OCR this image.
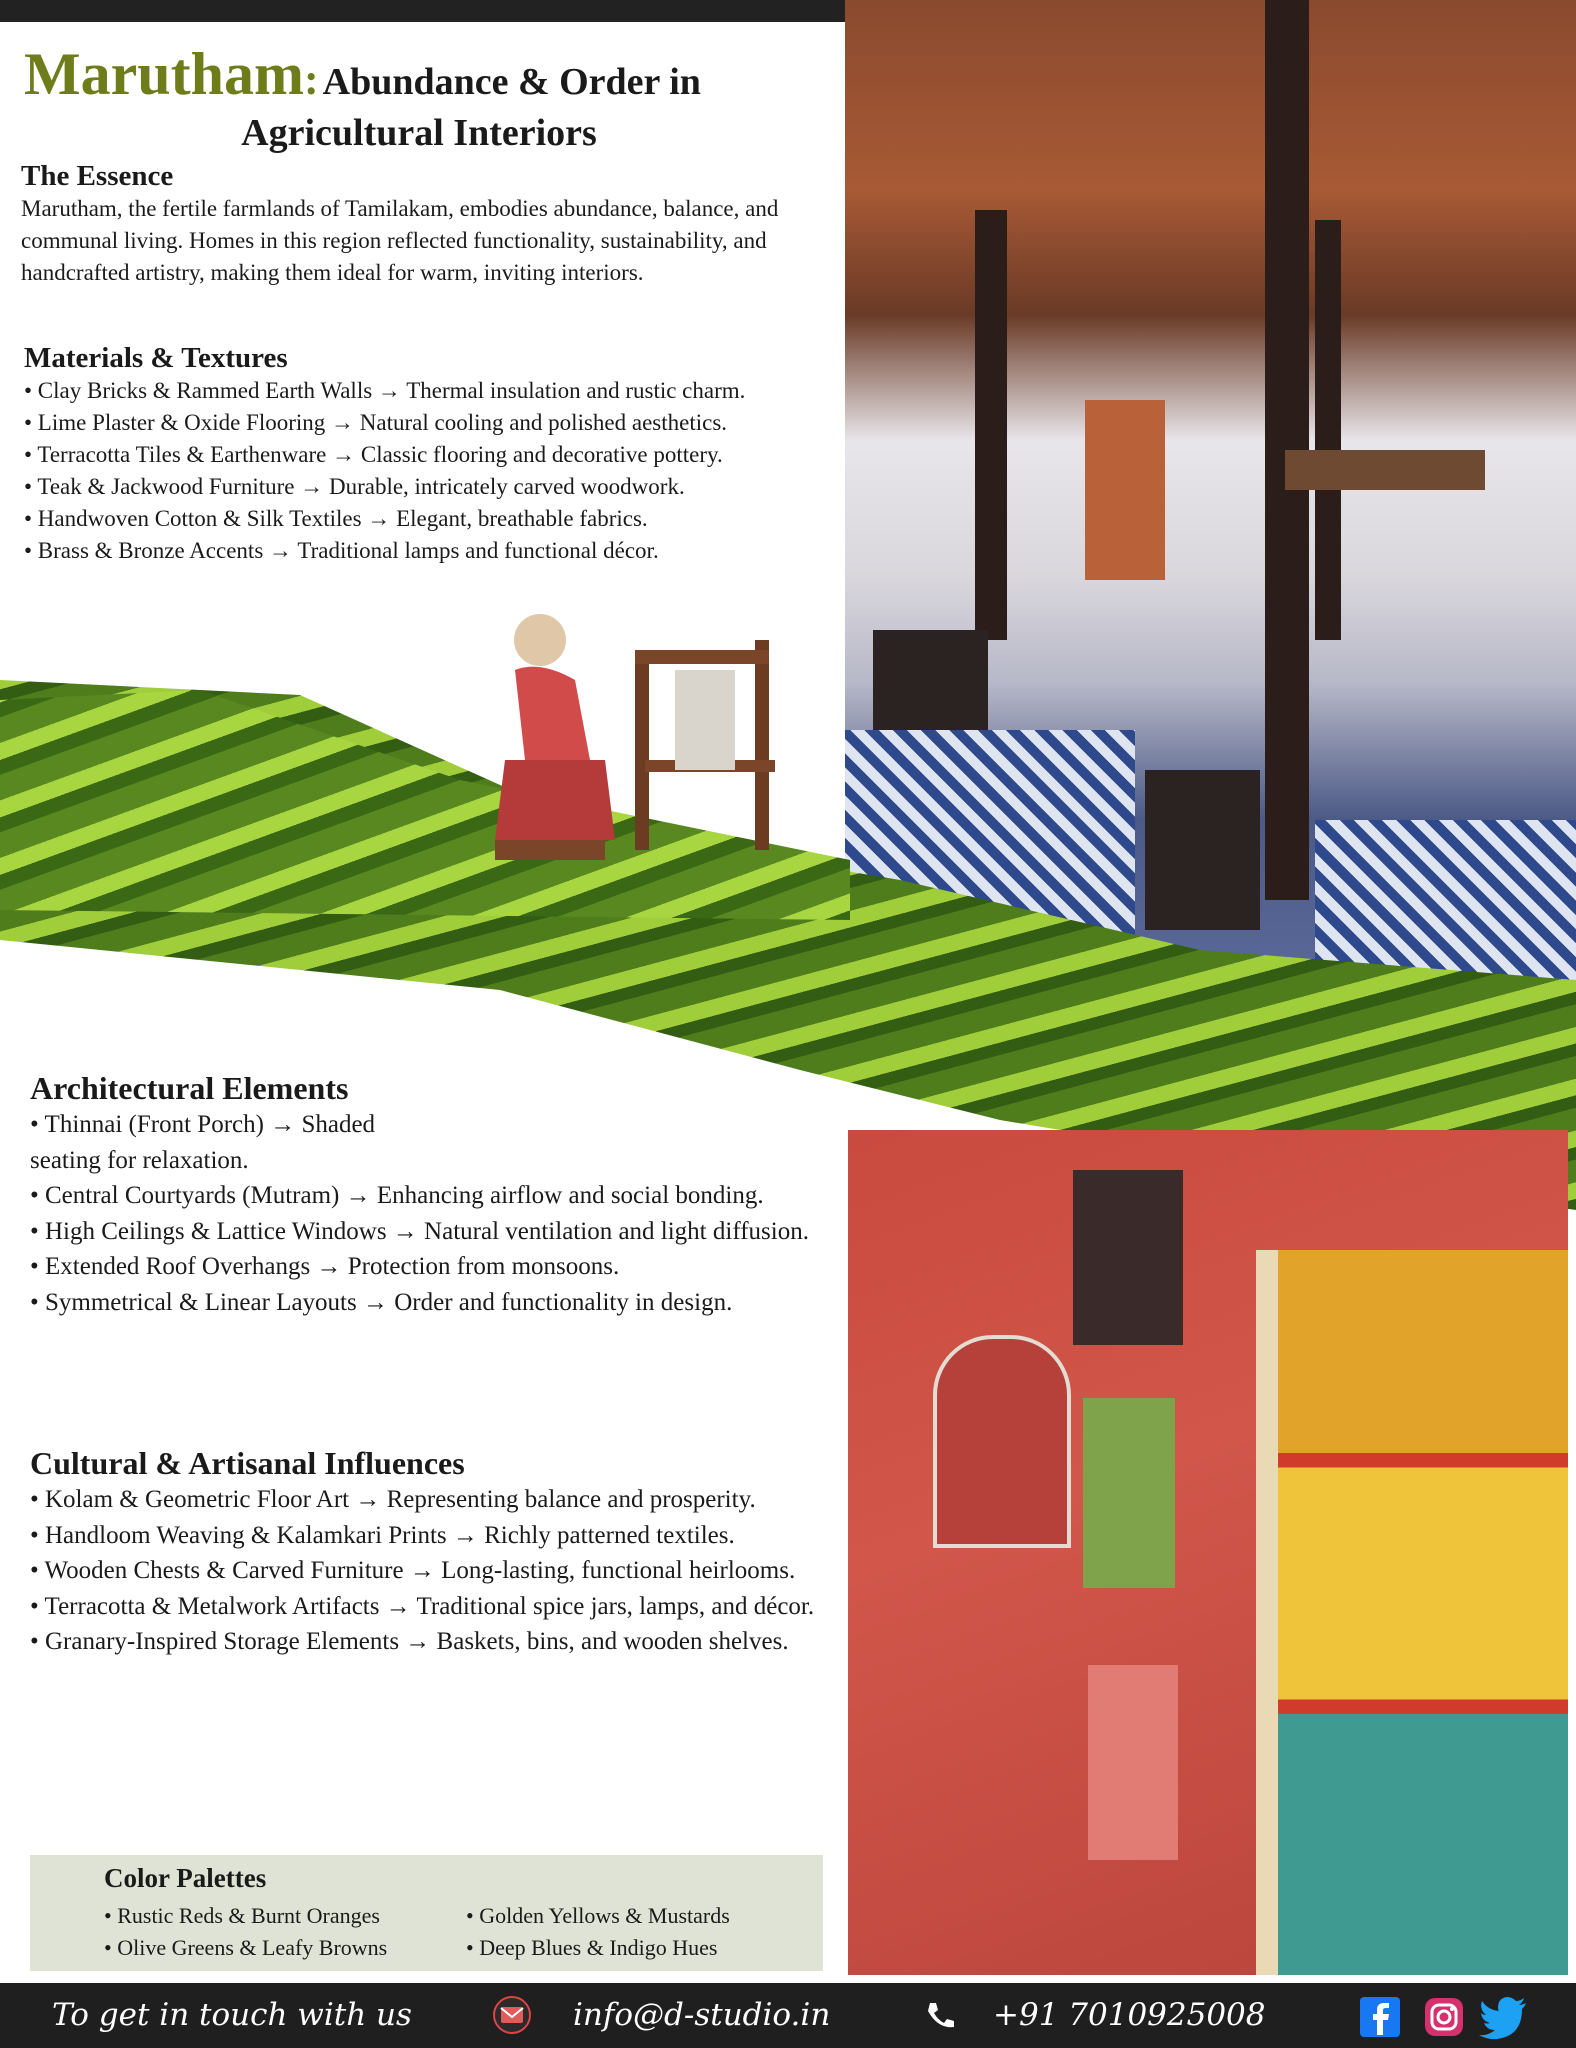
Marutham: Abundance & Order in
Agricultural Interiors

The Essence

Marutham, the fertile farmlands of Tamilakam, embodies abundance, balance, and communal living. Homes in this region reflected functionality, sustainability, and handcrafted artistry, making them ideal for warm, inviting interiors.

Materials & Textures

• Clay Bricks & Rammed Earth Walls → Thermal insulation and rustic charm.

• Lime Plaster & Oxide Flooring → Natural cooling and polished aesthetics.

• Terracotta Tiles & Earthenware → Classic flooring and decorative pottery.

• Teak & Jackwood Furniture → Durable, intricately carved woodwork.

• Handwoven Cotton & Silk Textiles → Elegant, breathable fabrics.

• Brass & Bronze Accents → Traditional lamps and functional décor.

Architectural Elements

• Thinnai (Front Porch) → Shaded seating for relaxation.

• Central Courtyards (Mutram) → Enhancing airflow and social bonding.

• High Ceilings & Lattice Windows → Natural ventilation and light diffusion.

• Extended Roof Overhangs → Protection from monsoons.

• Symmetrical & Linear Layouts → Order and functionality in design.

Cultural & Artisanal Influences

• Kolam & Geometric Floor Art → Representing balance and prosperity.

• Handloom Weaving & Kalamkari Prints → Richly patterned textiles.

• Wooden Chests & Carved Furniture → Long-lasting, functional heirlooms.

• Terracotta & Metalwork Artifacts → Traditional spice jars, lamps, and décor.

• Granary-Inspired Storage Elements → Baskets, bins, and wooden shelves.

Color Palettes
• Rustic Reds & Burnt Oranges	• Golden Yellows & Mustards
• Olive Greens & Leafy Browns	• Deep Blues & Indigo Hues
To get in touch with us	info@d-studio.in	+91 7010925008
